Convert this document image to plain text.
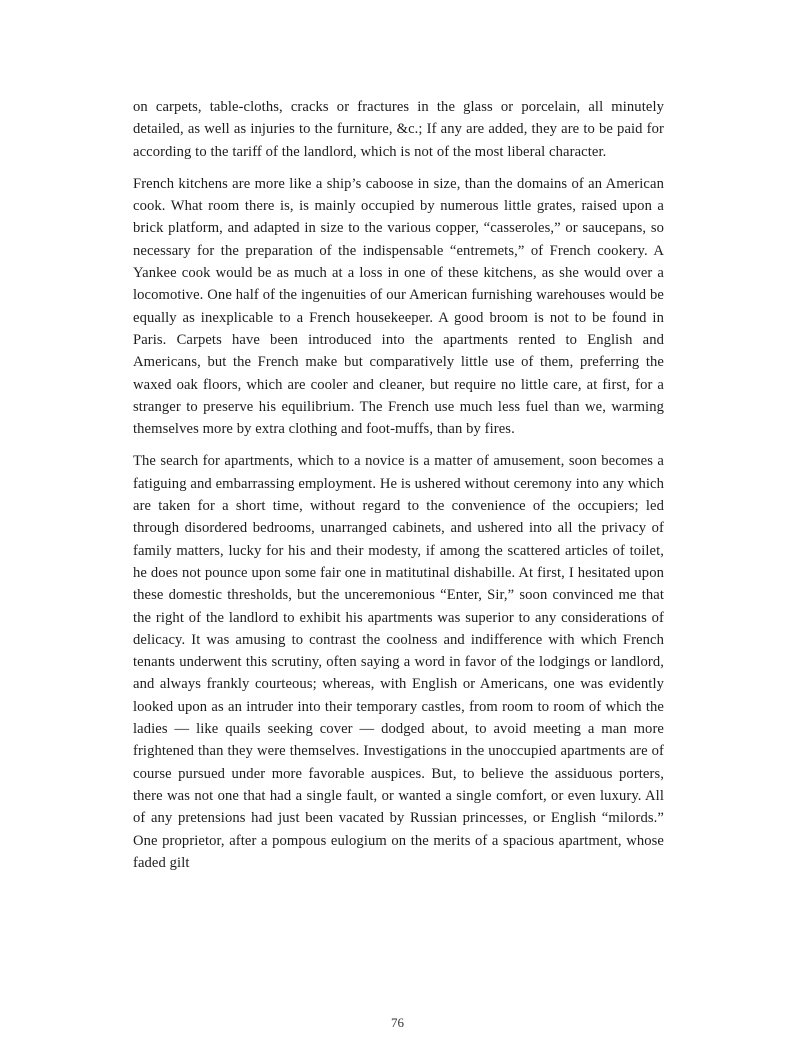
on carpets, table-cloths, cracks or fractures in the glass or porcelain, all minutely detailed, as well as injuries to the furniture, &c.; If any are added, they are to be paid for according to the tariff of the landlord, which is not of the most liberal character.

French kitchens are more like a ship’s caboose in size, than the domains of an American cook. What room there is, is mainly occupied by numerous little grates, raised upon a brick platform, and adapted in size to the various copper, “casseroles,” or saucepans, so necessary for the preparation of the indispensable “entremets,” of French cookery. A Yankee cook would be as much at a loss in one of these kitchens, as she would over a locomotive. One half of the ingenuities of our American furnishing warehouses would be equally as inexplicable to a French housekeeper. A good broom is not to be found in Paris. Carpets have been introduced into the apartments rented to English and Americans, but the French make but comparatively little use of them, preferring the waxed oak floors, which are cooler and cleaner, but require no little care, at first, for a stranger to preserve his equilibrium. The French use much less fuel than we, warming themselves more by extra clothing and foot-muffs, than by fires.

The search for apartments, which to a novice is a matter of amusement, soon becomes a fatiguing and embarrassing employment. He is ushered without ceremony into any which are taken for a short time, without regard to the convenience of the occupiers; led through disordered bedrooms, unarranged cabinets, and ushered into all the privacy of family matters, lucky for his and their modesty, if among the scattered articles of toilet, he does not pounce upon some fair one in matitutinal dishabille. At first, I hesitated upon these domestic thresholds, but the unceremonious “Enter, Sir,” soon convinced me that the right of the landlord to exhibit his apartments was superior to any considerations of delicacy. It was amusing to contrast the coolness and indifference with which French tenants underwent this scrutiny, often saying a word in favor of the lodgings or landlord, and always frankly courteous; whereas, with English or Americans, one was evidently looked upon as an intruder into their temporary castles, from room to room of which the ladies — like quails seeking cover — dodged about, to avoid meeting a man more frightened than they were themselves. Investigations in the unoccupied apartments are of course pursued under more favorable auspices. But, to believe the assiduous porters, there was not one that had a single fault, or wanted a single comfort, or even luxury. All of any pretensions had just been vacated by Russian princesses, or English “milords.” One proprietor, after a pompous eulogium on the merits of a spacious apartment, whose faded gilt

76
